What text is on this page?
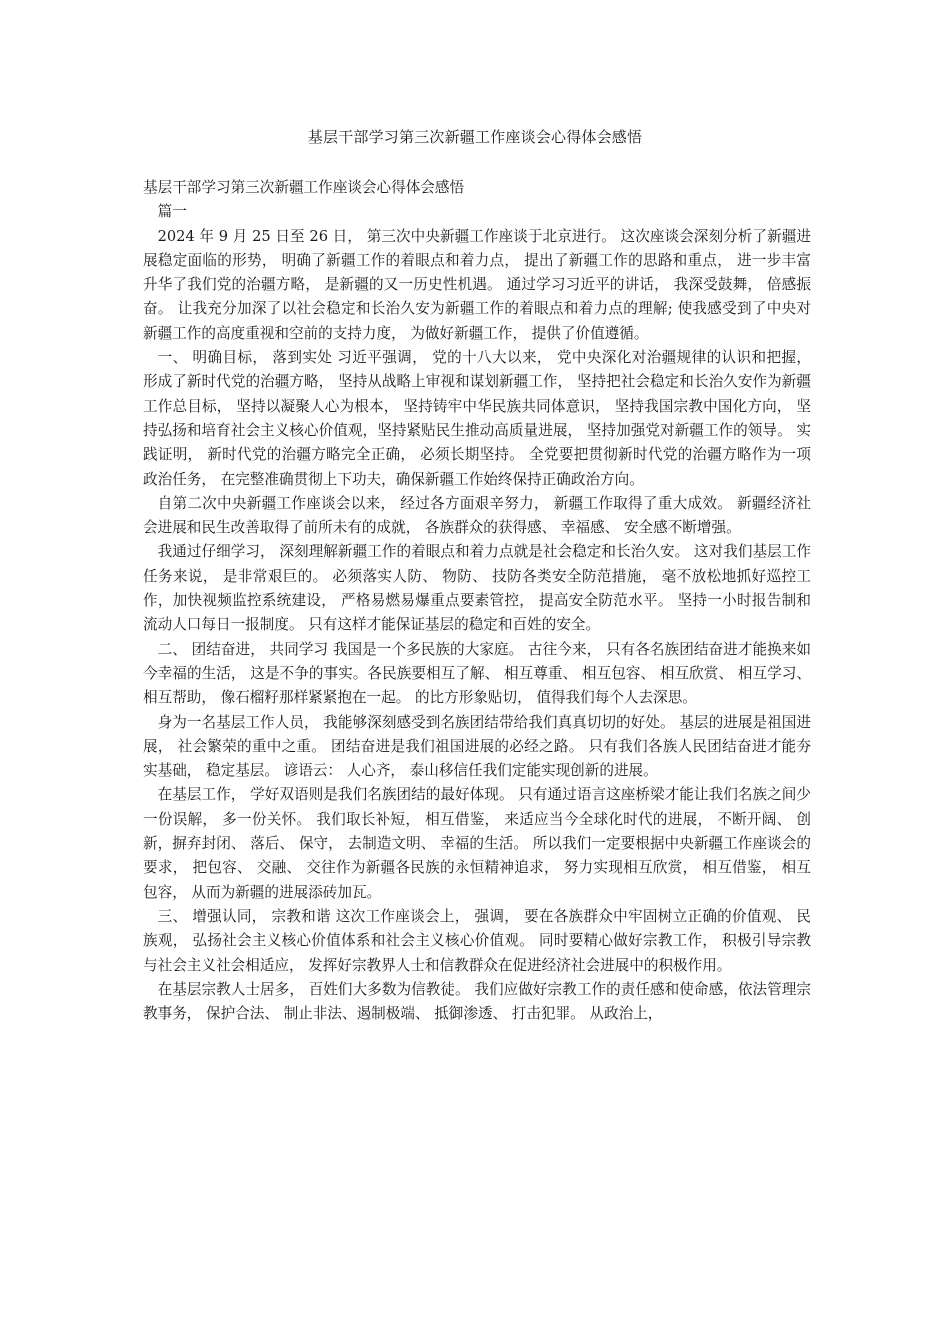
基层干部学习第三次新疆工作座谈会心得体会感悟

基层干部学习第三次新疆工作座谈会心得体会感悟

篇一

2024 年 9 月 25 日至 26 日， 第三次中央新疆工作座谈于北京进行。 这次座谈会深刻分析了新疆进展稳定面临的形势， 明确了新疆工作的着眼点和着力点， 提出了新疆工作的思路和重点， 进一步丰富升华了我们党的治疆方略， 是新疆的又一历史性机遇。 通过学习习近平的讲话， 我深受鼓舞， 倍感振奋。 让我充分加深了以社会稳定和长治久安为新疆工作的着眼点和着力点的理解; 使我感受到了中央对新疆工作的高度重视和空前的支持力度， 为做好新疆工作， 提供了价值遵循。

一、 明确目标， 落到实处 习近平强调， 党的十八大以来， 党中央深化对治疆规律的认识和把握， 形成了新时代党的治疆方略， 坚持从战略上审视和谋划新疆工作， 坚持把社会稳定和长治久安作为新疆工作总目标， 坚持以凝聚人心为根本， 坚持铸牢中华民族共同体意识， 坚持我国宗教中国化方向， 坚持弘扬和培育社会主义核心价值观，坚持紧贴民生推动高质量进展， 坚持加强党对新疆工作的领导。 实践证明， 新时代党的治疆方略完全正确， 必须长期坚持。 全党要把贯彻新时代党的治疆方略作为一项政治任务， 在完整准确贯彻上下功夫，确保新疆工作始终保持正确政治方向。

自第二次中央新疆工作座谈会以来， 经过各方面艰辛努力， 新疆工作取得了重大成效。 新疆经济社会进展和民生改善取得了前所未有的成就， 各族群众的获得感、 幸福感、 安全感不断增强。

我通过仔细学习， 深刻理解新疆工作的着眼点和着力点就是社会稳定和长治久安。 这对我们基层工作任务来说， 是非常艰巨的。 必须落实人防、 物防、 技防各类安全防范措施， 毫不放松地抓好巡控工作，加快视频监控系统建设， 严格易燃易爆重点要素管控， 提高安全防范水平。 坚持一小时报告制和流动人口每日一报制度。 只有这样才能保证基层的稳定和百姓的安全。

二、 团结奋进， 共同学习 我国是一个多民族的大家庭。 古往今来， 只有各名族团结奋进才能换来如今幸福的生活， 这是不争的事实。各民族要相互了解、 相互尊重、 相互包容、 相互欣赏、 相互学习、 相互帮助， 像石榴籽那样紧紧抱在一起。 的比方形象贴切， 值得我们每个人去深思。

身为一名基层工作人员， 我能够深刻感受到名族团结带给我们真真切切的好处。 基层的进展是祖国进展， 社会繁荣的重中之重。 团结奋进是我们祖国进展的必经之路。 只有我们各族人民团结奋进才能夯实基础， 稳定基层。 谚语云： 人心齐， 泰山移信任我们定能实现创新的进展。

在基层工作， 学好双语则是我们名族团结的最好体现。 只有通过语言这座桥梁才能让我们名族之间少一份误解， 多一份关怀。 我们取长补短， 相互借鉴， 来适应当今全球化时代的进展， 不断开阔、 创新，摒弃封闭、 落后、 保守， 去制造文明、 幸福的生活。 所以我们一定要根据中央新疆工作座谈会的要求， 把包容、 交融、 交往作为新疆各民族的永恒精神追求， 努力实现相互欣赏， 相互借鉴， 相互包容， 从而为新疆的进展添砖加瓦。

三、 增强认同， 宗教和谐 这次工作座谈会上， 强调， 要在各族群众中牢固树立正确的价值观、 民族观， 弘扬社会主义核心价值体系和社会主义核心价值观。 同时要精心做好宗教工作， 积极引导宗教与社会主义社会相适应， 发挥好宗教界人士和信教群众在促进经济社会进展中的积极作用。

在基层宗教人士居多， 百姓们大多数为信教徒。 我们应做好宗教工作的责任感和使命感，依法管理宗教事务， 保护合法、 制止非法、遏制极端、 抵御渗透、 打击犯罪。 从政治上，
